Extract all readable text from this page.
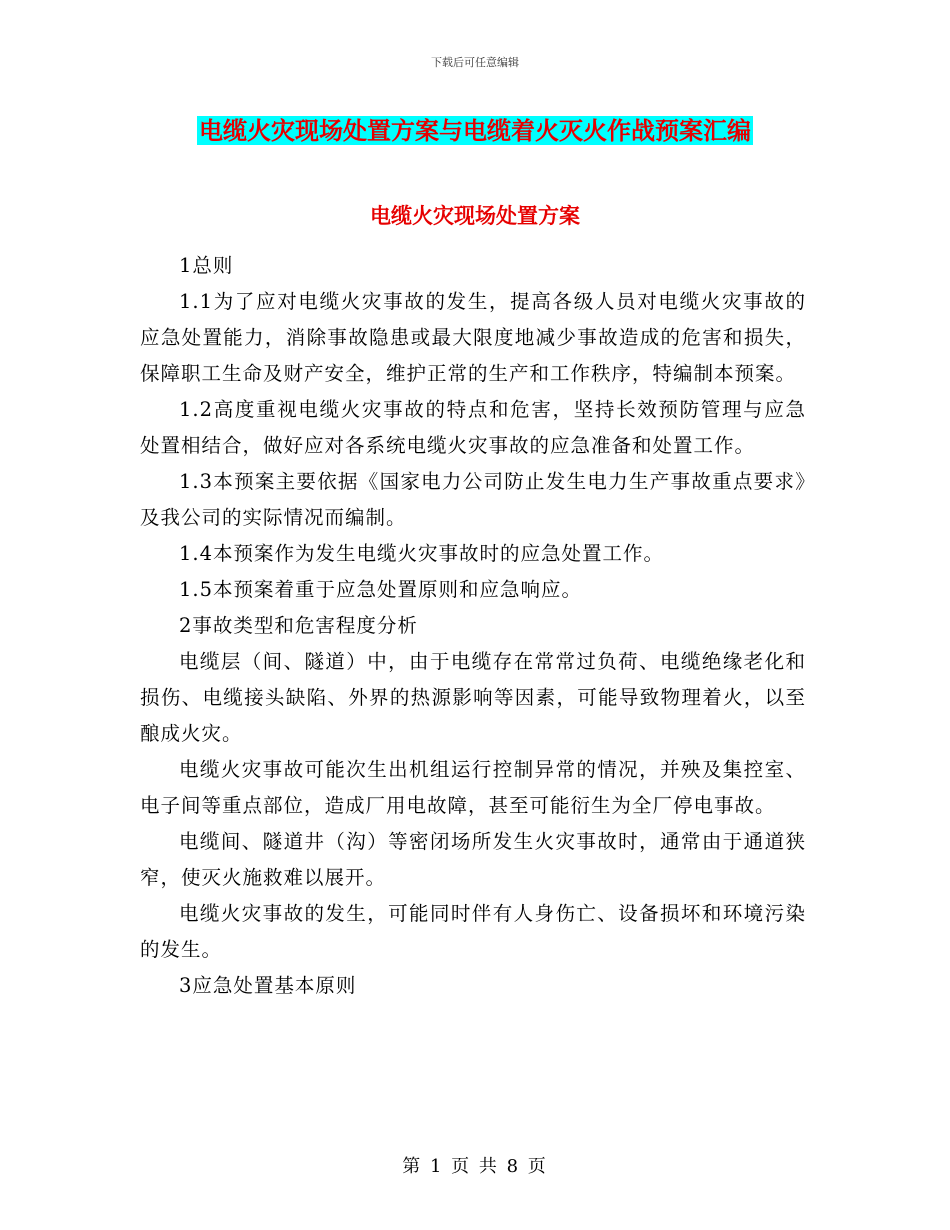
下载后可任意编辑
电缆火灾现场处置方案与电缆着火灭火作战预案汇编
电缆火灾现场处置方案

1总则

1.1为了应对电缆火灾事故的发生，提高各级人员对电缆火灾事故的应急处置能力，消除事故隐患或最大限度地减少事故造成的危害和损失，保障职工生命及财产安全，维护正常的生产和工作秩序，特编制本预案。

1.2高度重视电缆火灾事故的特点和危害，坚持长效预防管理与应急处置相结合，做好应对各系统电缆火灾事故的应急准备和处置工作。

1.3本预案主要依据《国家电力公司防止发生电力生产事故重点要求》及我公司的实际情况而编制。

1.4本预案作为发生电缆火灾事故时的应急处置工作。

1.5本预案着重于应急处置原则和应急响应。

2事故类型和危害程度分析

电缆层（间、隧道）中，由于电缆存在常常过负荷、电缆绝缘老化和损伤、电缆接头缺陷、外界的热源影响等因素，可能导致物理着火，以至酿成火灾。

电缆火灾事故可能次生出机组运行控制异常的情况，并殃及集控室、电子间等重点部位，造成厂用电故障，甚至可能衍生为全厂停电事故。

电缆间、隧道井（沟）等密闭场所发生火灾事故时，通常由于通道狭窄，使灭火施救难以展开。

电缆火灾事故的发生，可能同时伴有人身伤亡、设备损坏和环境污染的发生。

3应急处置基本原则

第 1 页 共 8 页
